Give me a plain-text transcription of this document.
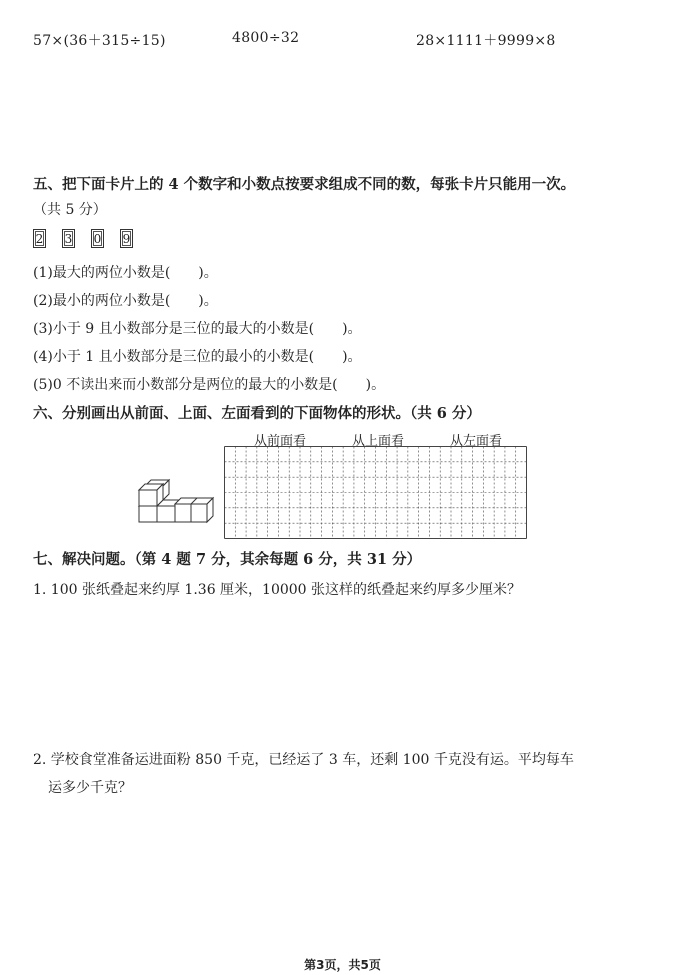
57×(36＋315÷15)	4800÷32	28×1111＋9999×8
五、把下面卡片上的 4 个数字和小数点按要求组成不同的数，每张卡片只能用一次。
（共 5 分）
2 3 0 9
(1)最大的两位小数是(　　)。
(2)最小的两位小数是(　　)。
(3)小于 9 且小数部分是三位的最大的小数是(　　)。
(4)小于 1 且小数部分是三位的最小的小数是(　　)。
(5)0 不读出来而小数部分是两位的最大的小数是(　　)。
六、分别画出从前面、上面、左面看到的下面物体的形状。（共 6 分）
从前面看	从上面看	从左面看
七、解决问题。（第 4 题 7 分，其余每题 6 分，共 31 分）
1. 100 张纸叠起来约厚 1.36 厘米，10000 张这样的纸叠起来约厚多少厘米？
2. 学校食堂准备运进面粉 850 千克，已经运了 3 车，还剩 100 千克没有运。平均每车
运多少千克？
第3页，共5页
